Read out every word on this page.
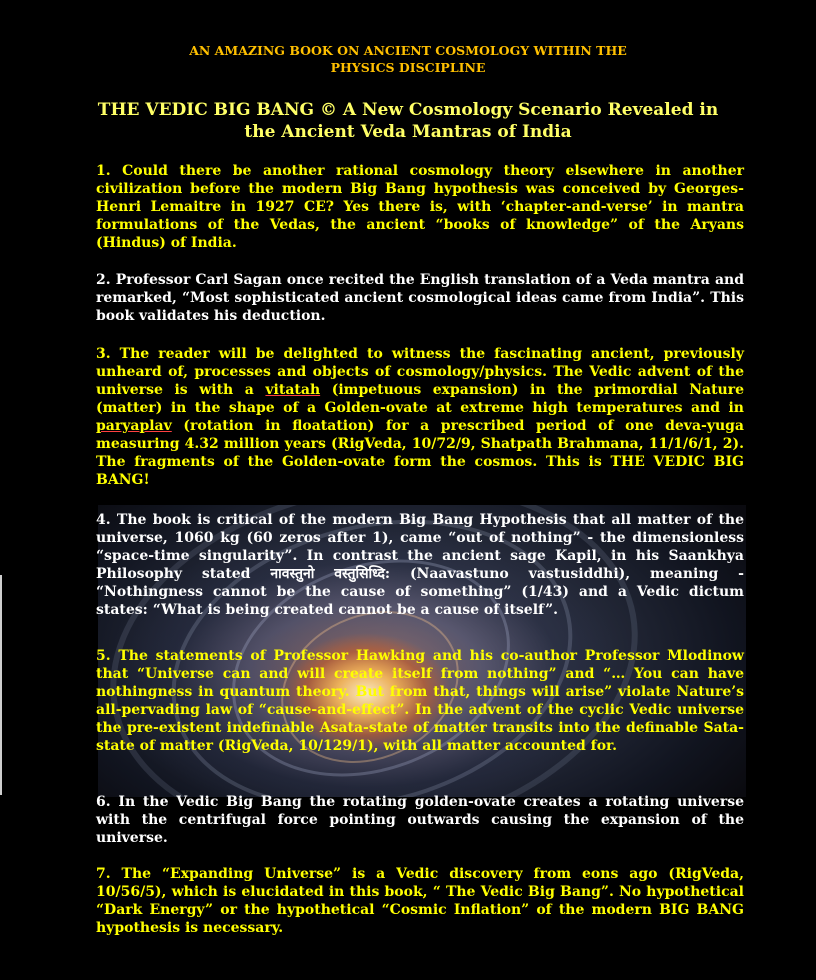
AN AMAZING BOOK ON ANCIENT COSMOLOGY WITHIN THE
PHYSICS DISCIPLINE
THE VEDIC BIG BANG © A New Cosmology Scenario Revealed in
the Ancient Veda Mantras of India

1. Could there be another rational cosmology theory elsewhere in another civilization before the modern Big Bang hypothesis was conceived by Georges-Henri Lemaitre in 1927 CE? Yes there is, with ‘chapter-and-verse’ in mantra formulations of the Vedas, the ancient “books of knowledge” of the Aryans (Hindus) of India.

2. Professor Carl Sagan once recited the English translation of a Veda mantra and remarked, “Most sophisticated ancient cosmological ideas came from India”. This book validates his deduction.

3. The reader will be delighted to witness the fascinating ancient, previously unheard of, processes and objects of cosmology/physics. The Vedic advent of the universe is with a vitatah (impetuous expansion) in the primordial Nature (matter) in the shape of a Golden-ovate at extreme high temperatures and in paryaplav (rotation in floatation) for a prescribed period of one deva-yuga measuring 4.32 million years (RigVeda, 10/72/9, Shatpath Brahmana, 11/1/6/1, 2). The fragments of the Golden-ovate form the cosmos. This is THE VEDIC BIG BANG!

4. The book is critical of the modern Big Bang Hypothesis that all matter of the universe, 1060 kg (60 zeros after 1), came “out of nothing” - the dimensionless “space-time singularity”. In contrast the ancient sage Kapil, in his Saankhya Philosophy stated नावस्तुनो वस्तुसिध्दि: (Naavastuno vastusiddhi), meaning - “Nothingness cannot be the cause of something” (1/43) and a Vedic dictum states: “What is being created cannot be a cause of itself”.

5. The statements of Professor Hawking and his co-author Professor Mlodinow that “Universe can and will create itself from nothing” and “… You can have nothingness in quantum theory. But from that, things will arise” violate Nature’s all-pervading law of “cause-and-effect”. In the advent of the cyclic Vedic universe the pre-existent indefinable Asata-state of matter transits into the definable Sata-state of matter (RigVeda, 10/129/1), with all matter accounted for.

6. In the Vedic Big Bang the rotating golden-ovate creates a rotating universe with the centrifugal force pointing outwards causing the expansion of the universe.

7. The “Expanding Universe” is a Vedic discovery from eons ago (RigVeda, 10/56/5), which is elucidated in this book, “ The Vedic Big Bang”. No hypothetical “Dark Energy” or the hypothetical “Cosmic Inflation” of the modern BIG BANG hypothesis is necessary.
